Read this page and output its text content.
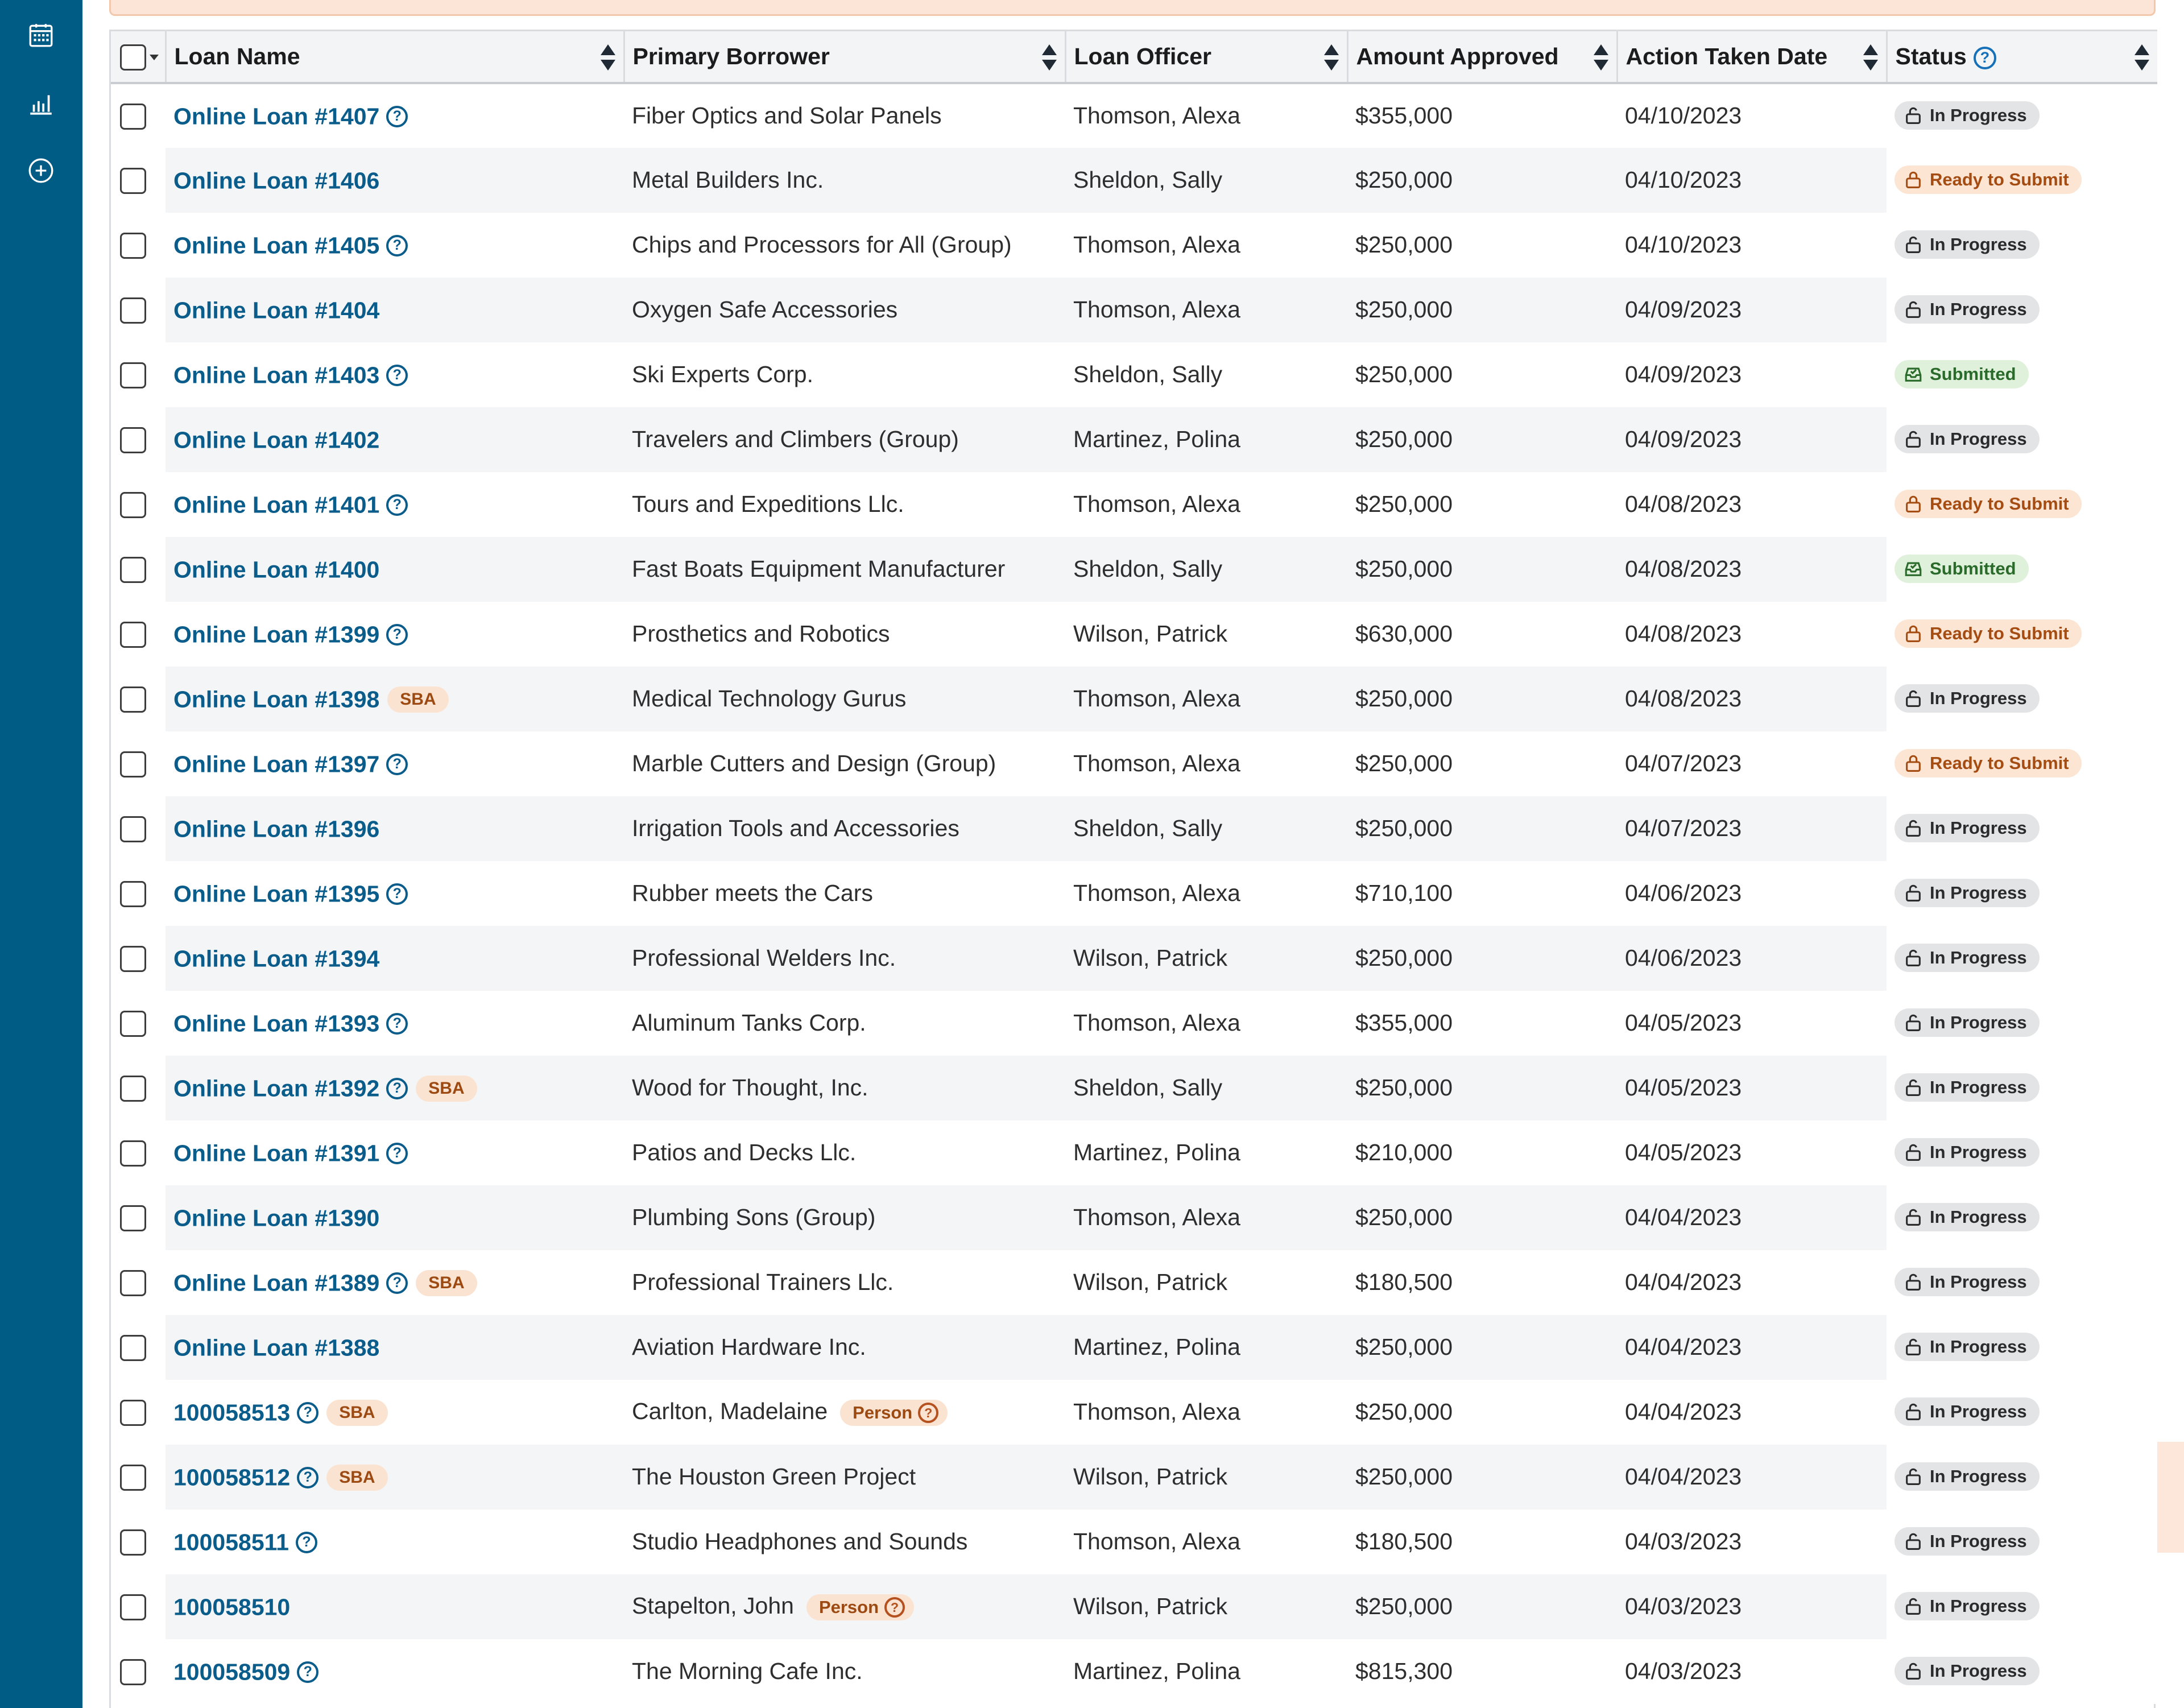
	Loan Name	Primary Borrower	Loan Officer	Amount Approved	Action Taken Date	Status ?

	Online Loan #1407 ?	Fiber Optics and Solar Panels	Thomson, Alexa	$355,000	04/10/2023	In Progress

	Online Loan #1406	Metal Builders Inc.	Sheldon, Sally	$250,000	04/10/2023	Ready to Submit

	Online Loan #1405 ?	Chips and Processors for All (Group)	Thomson, Alexa	$250,000	04/10/2023	In Progress

	Online Loan #1404	Oxygen Safe Accessories	Thomson, Alexa	$250,000	04/09/2023	In Progress

	Online Loan #1403 ?	Ski Experts Corp.	Sheldon, Sally	$250,000	04/09/2023	Submitted

	Online Loan #1402	Travelers and Climbers (Group)	Martinez, Polina	$250,000	04/09/2023	In Progress

	Online Loan #1401 ?	Tours and Expeditions Llc.	Thomson, Alexa	$250,000	04/08/2023	Ready to Submit

	Online Loan #1400	Fast Boats Equipment Manufacturer	Sheldon, Sally	$250,000	04/08/2023	Submitted

	Online Loan #1399 ?	Prosthetics and Robotics	Wilson, Patrick	$630,000	04/08/2023	Ready to Submit

	Online Loan #1398 SBA	Medical Technology Gurus	Thomson, Alexa	$250,000	04/08/2023	In Progress

	Online Loan #1397 ?	Marble Cutters and Design (Group)	Thomson, Alexa	$250,000	04/07/2023	Ready to Submit

	Online Loan #1396	Irrigation Tools and Accessories	Sheldon, Sally	$250,000	04/07/2023	In Progress

	Online Loan #1395 ?	Rubber meets the Cars	Thomson, Alexa	$710,100	04/06/2023	In Progress

	Online Loan #1394	Professional Welders Inc.	Wilson, Patrick	$250,000	04/06/2023	In Progress

	Online Loan #1393 ?	Aluminum Tanks Corp.	Thomson, Alexa	$355,000	04/05/2023	In Progress

	Online Loan #1392 ? SBA	Wood for Thought, Inc.	Sheldon, Sally	$250,000	04/05/2023	In Progress

	Online Loan #1391 ?	Patios and Decks Llc.	Martinez, Polina	$210,000	04/05/2023	In Progress

	Online Loan #1390	Plumbing Sons (Group)	Thomson, Alexa	$250,000	04/04/2023	In Progress

	Online Loan #1389 ? SBA	Professional Trainers Llc.	Wilson, Patrick	$180,500	04/04/2023	In Progress

	Online Loan #1388	Aviation Hardware Inc.	Martinez, Polina	$250,000	04/04/2023	In Progress

	100058513 ? SBA	Carlton, Madelaine Person ?	Thomson, Alexa	$250,000	04/04/2023	In Progress

	100058512 ? SBA	The Houston Green Project	Wilson, Patrick	$250,000	04/04/2023	In Progress

	100058511 ?	Studio Headphones and Sounds	Thomson, Alexa	$180,500	04/03/2023	In Progress

	100058510	Stapelton, John Person ?	Wilson, Patrick	$250,000	04/03/2023	In Progress

	100058509 ?	The Morning Cafe Inc.	Martinez, Polina	$815,300	04/03/2023	In Progress
